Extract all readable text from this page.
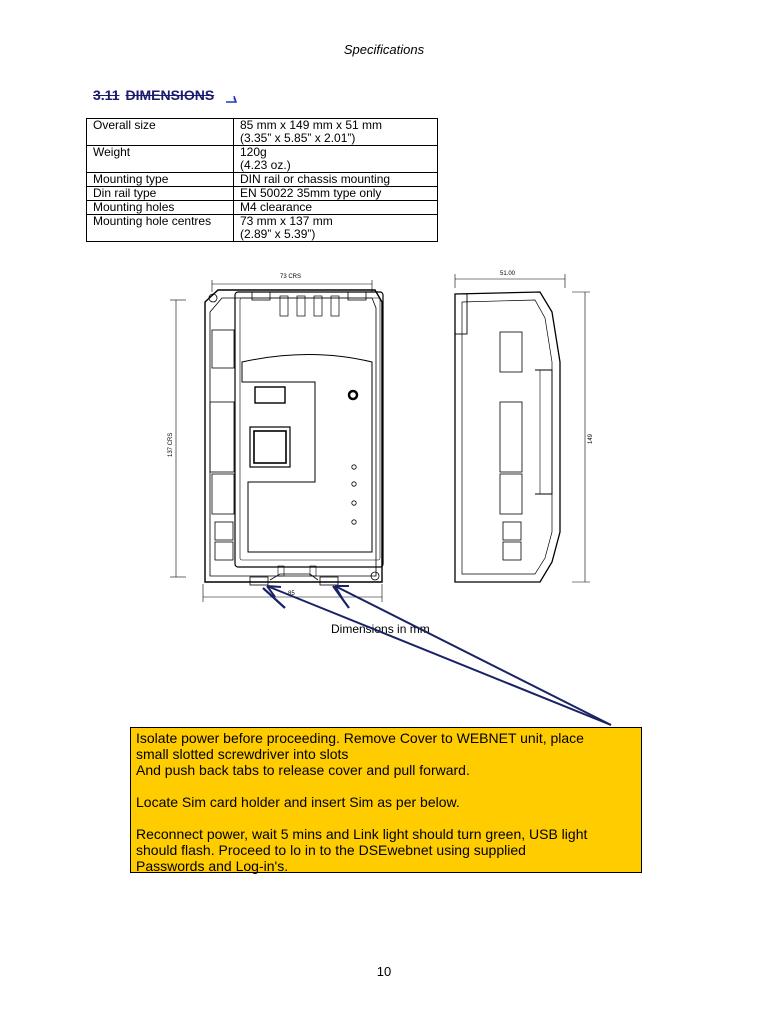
Specifications
3.11 DIMENSIONS
Overall size	85 mm x 149 mm x 51 mm
(3.35” x 5.85” x 2.01”)

Weight	120g
(4.23 oz.)

Mounting type	DIN rail or chassis mounting
Din rail type	EN 50022 35mm type only
Mounting holes	M4 clearance
Mounting hole centres	73 mm x 137 mm
(2.89” x 5.39”)
73 CRS
137 CRS
85
51.00
149
Dimensions in mm

Isolate power before proceeding. Remove Cover to WEBNET unit, place

small slotted screwdriver into slots

And push back tabs to release cover and pull forward.

Locate Sim card holder and insert Sim as per below.

Reconnect power, wait 5 mins and Link light should turn green, USB light

should flash. Proceed to lo in to the DSEwebnet using supplied

Passwords and Log-in's.

10
